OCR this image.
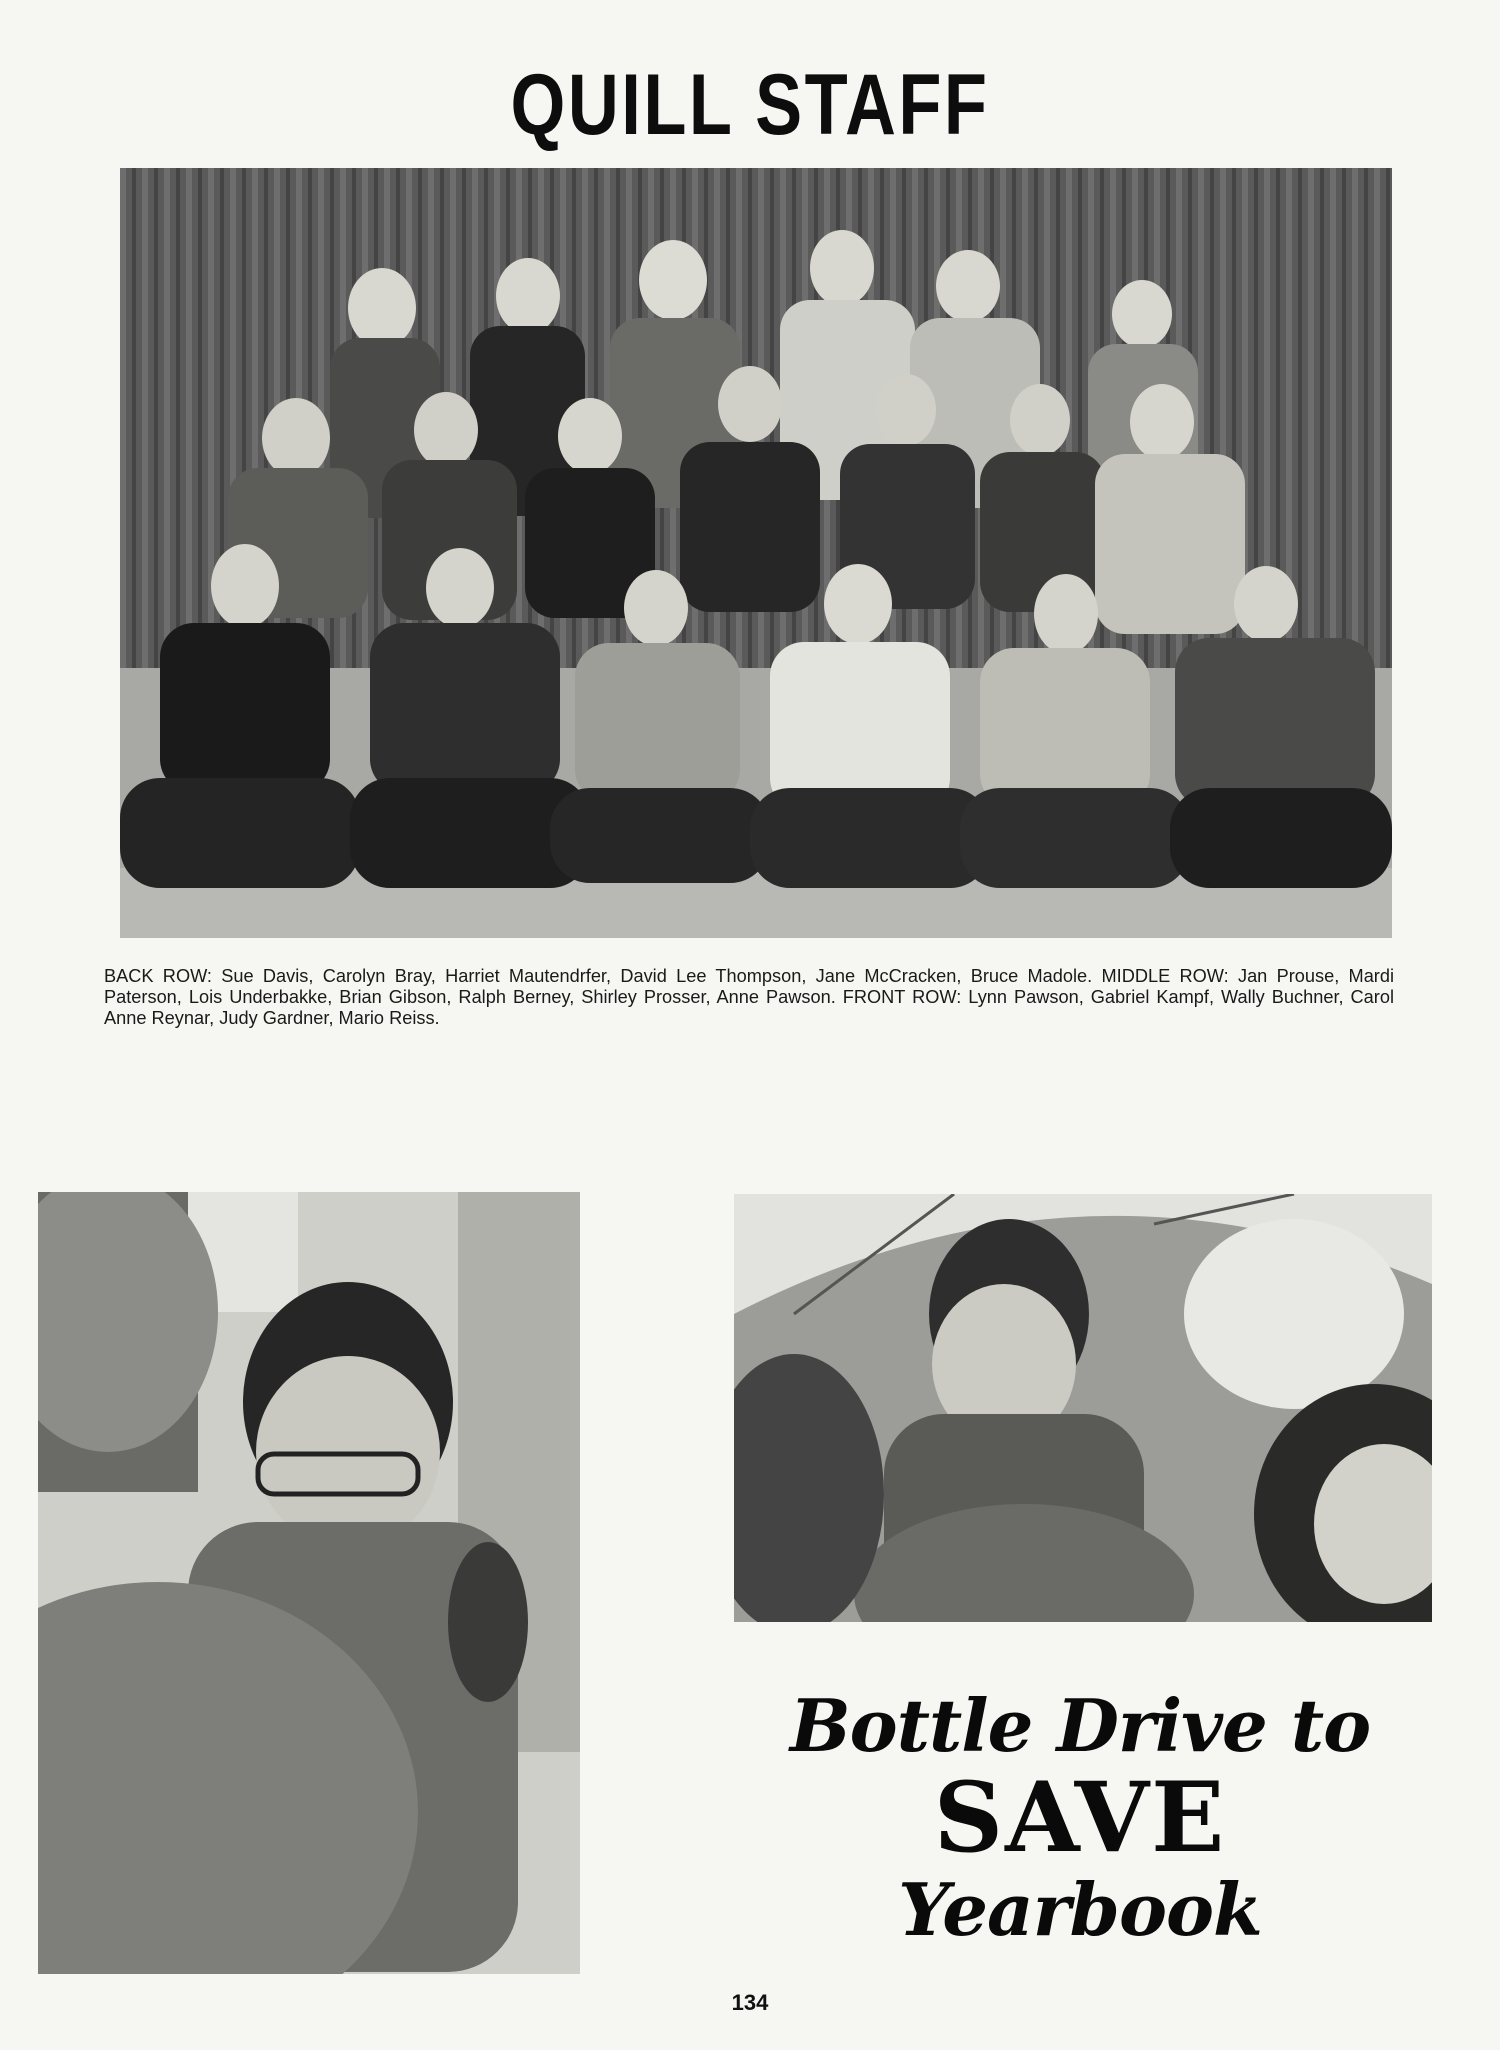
QUILL STAFF

BACK ROW: Sue Davis, Carolyn Bray, Harriet Mautendrfer, David Lee Thompson, Jane McCracken, Bruce Madole. MIDDLE ROW: Jan Prouse, Mardi Paterson, Lois Underbakke, Brian Gibson, Ralph Berney, Shirley Prosser, Anne Pawson. FRONT ROW: Lynn Pawson, Gabriel Kampf, Wally Buchner, Carol Anne Reynar, Judy Gardner, Mario Reiss.

Bottle Drive to
SAVE
Yearbook
134
